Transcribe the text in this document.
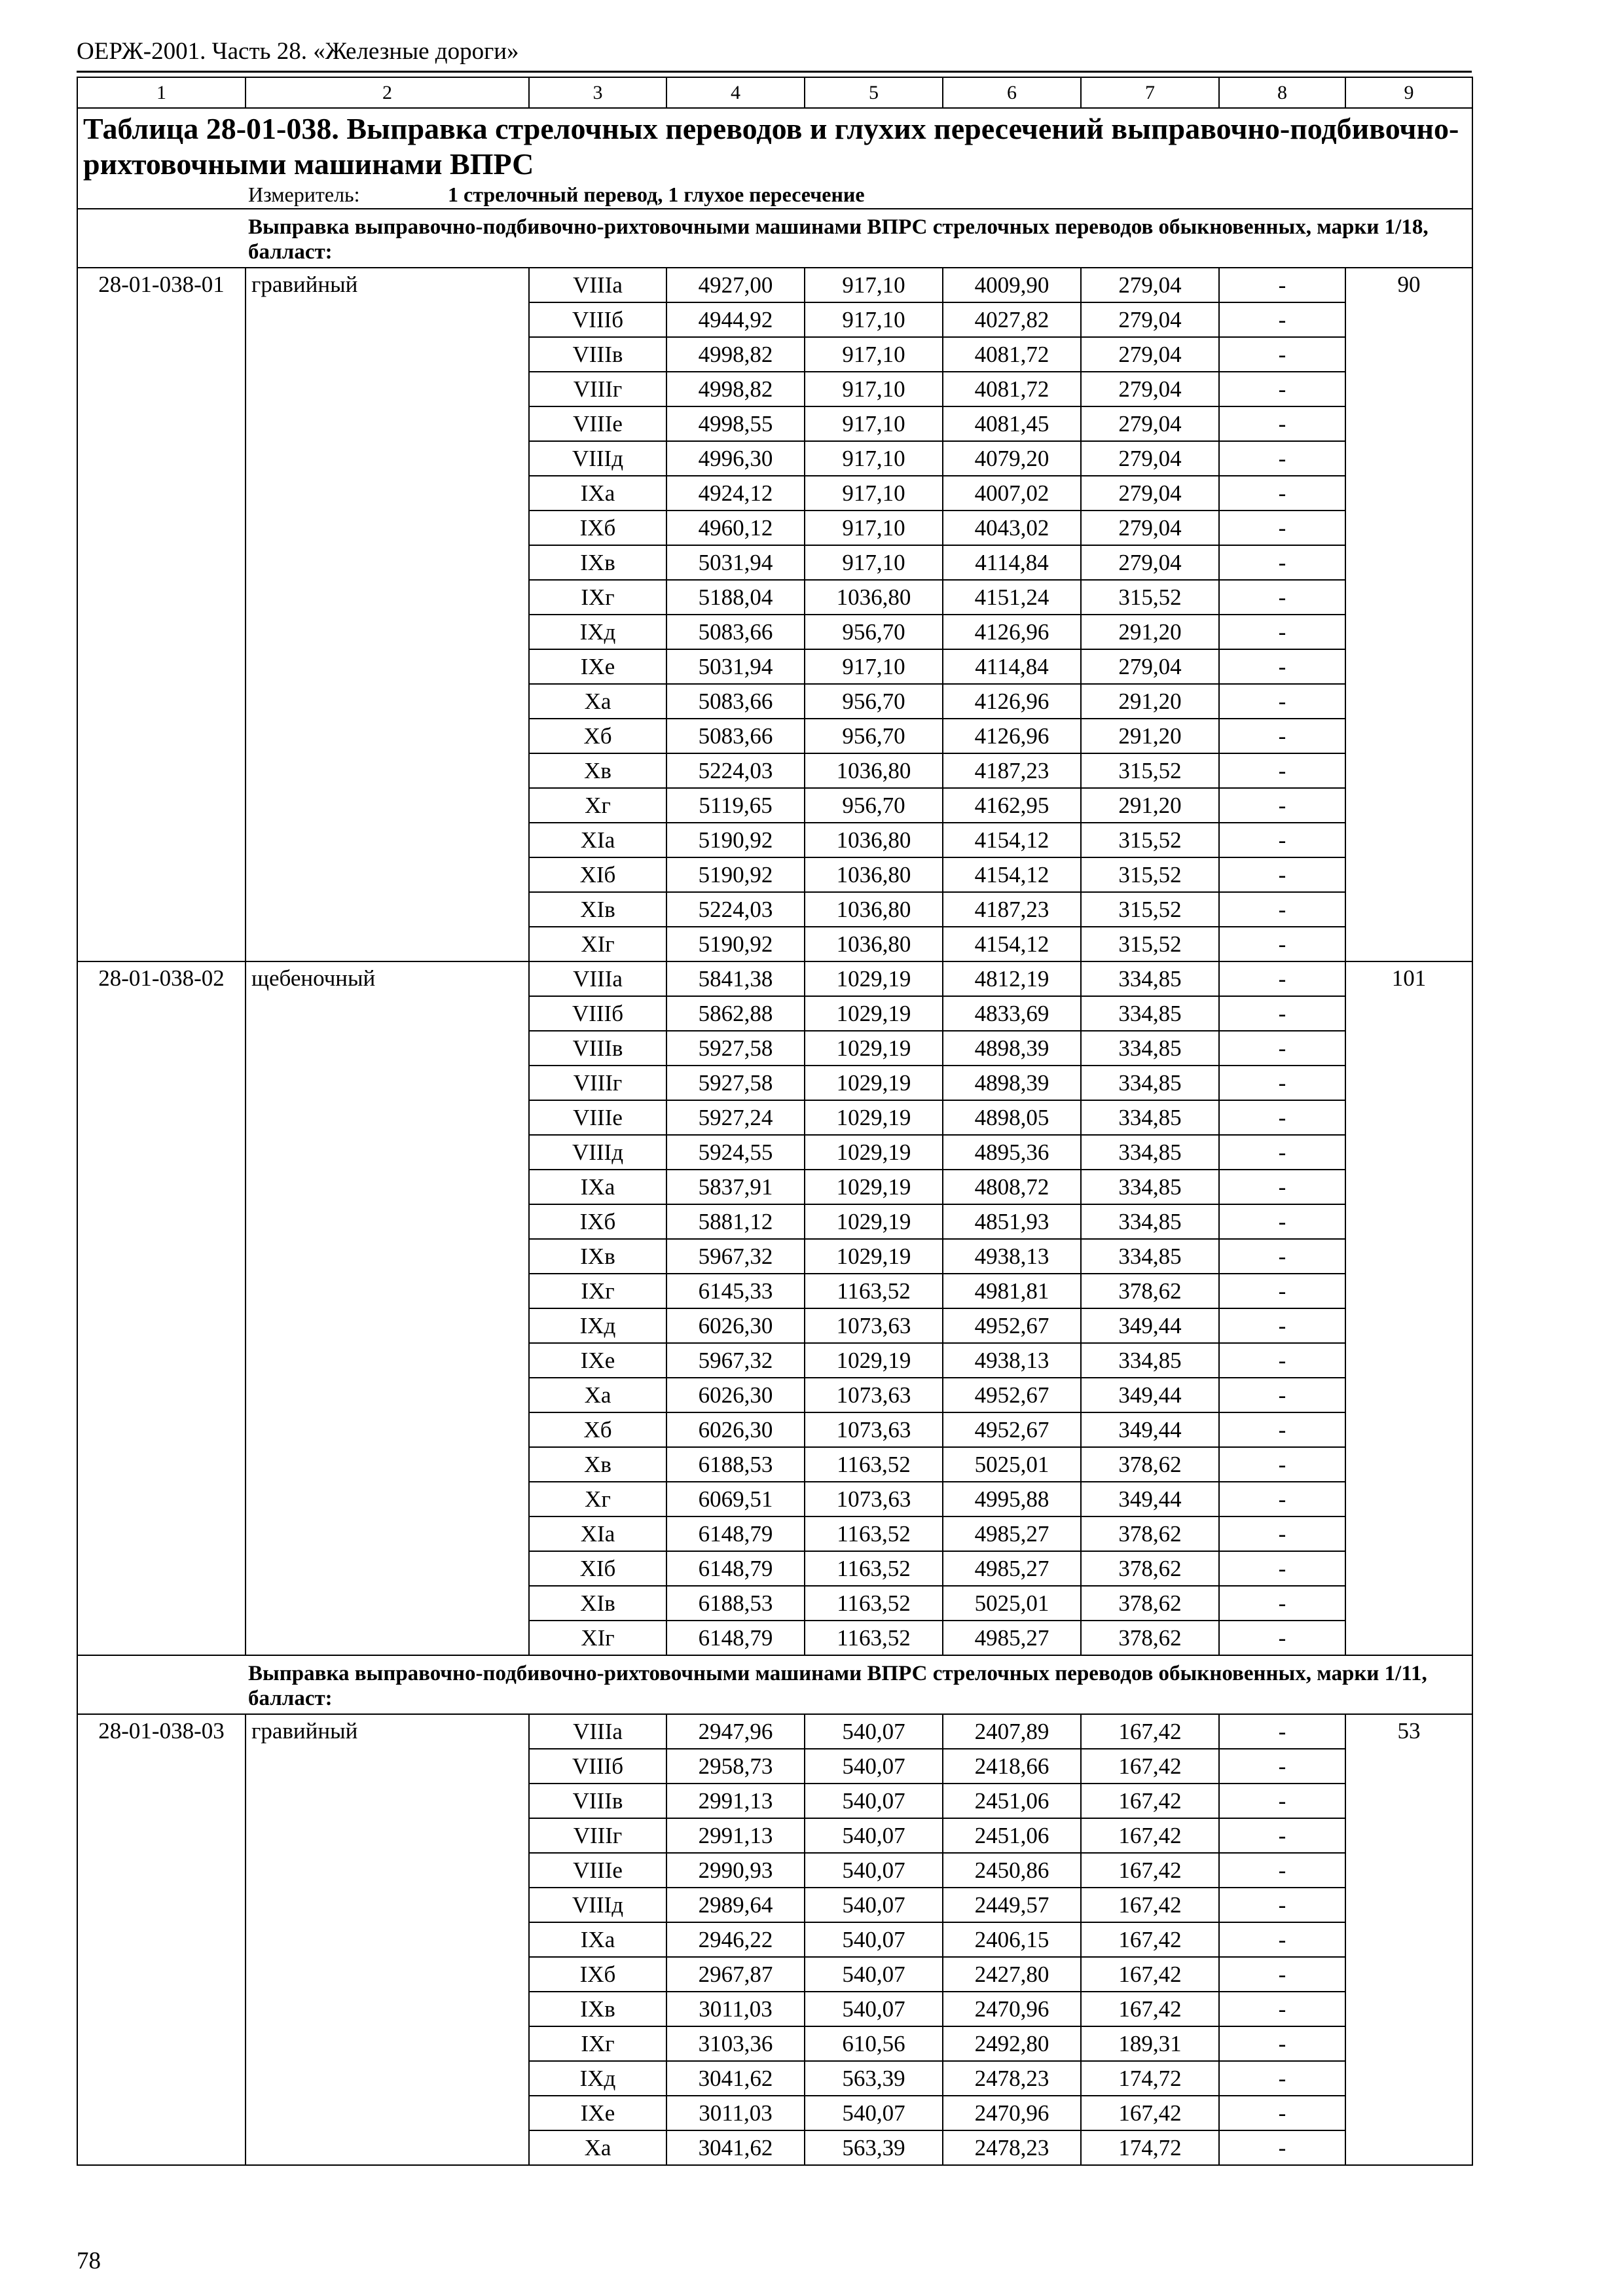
ОЕРЖ-2001. Часть 28. «Железные дороги»
1	2	3	4	5	6	7	8	9

Таблица 28-01-038. Выправка стрелочных переводов и глухих пересечений выправочно-подбивочно-рихтовочными машинами ВПРС
Измеритель: 1 стрелочный перевод, 1 глухое пересечение								

Выправка выправочно-подбивочно-рихтовочными машинами ВПРС стрелочных переводов обыкновенных, марки 1/18, балласт:								

28-01-038-01	гравийный	VIIIа	4927,00	917,10	4009,90	279,04	-	90
		VIIIб	4944,92	917,10	4027,82	279,04	-	
		VIIIв	4998,82	917,10	4081,72	279,04	-	
		VIIIг	4998,82	917,10	4081,72	279,04	-	
		VIIIе	4998,55	917,10	4081,45	279,04	-	
		VIIIд	4996,30	917,10	4079,20	279,04	-	
		IXа	4924,12	917,10	4007,02	279,04	-	
		IXб	4960,12	917,10	4043,02	279,04	-	
		IXв	5031,94	917,10	4114,84	279,04	-	
		IXг	5188,04	1036,80	4151,24	315,52	-	
		IXд	5083,66	956,70	4126,96	291,20	-	
		IXе	5031,94	917,10	4114,84	279,04	-	
		Xа	5083,66	956,70	4126,96	291,20	-	
		Xб	5083,66	956,70	4126,96	291,20	-	
		Xв	5224,03	1036,80	4187,23	315,52	-	
		Xг	5119,65	956,70	4162,95	291,20	-	
		XIа	5190,92	1036,80	4154,12	315,52	-	
		XIб	5190,92	1036,80	4154,12	315,52	-	
		XIв	5224,03	1036,80	4187,23	315,52	-	
		XIг	5190,92	1036,80	4154,12	315,52	-	
28-01-038-02	щебеночный	VIIIа	5841,38	1029,19	4812,19	334,85	-	101
		VIIIб	5862,88	1029,19	4833,69	334,85	-	
		VIIIв	5927,58	1029,19	4898,39	334,85	-	
		VIIIг	5927,58	1029,19	4898,39	334,85	-	
		VIIIе	5927,24	1029,19	4898,05	334,85	-	
		VIIIд	5924,55	1029,19	4895,36	334,85	-	
		IXа	5837,91	1029,19	4808,72	334,85	-	
		IXб	5881,12	1029,19	4851,93	334,85	-	
		IXв	5967,32	1029,19	4938,13	334,85	-	
		IXг	6145,33	1163,52	4981,81	378,62	-	
		IXд	6026,30	1073,63	4952,67	349,44	-	
		IXе	5967,32	1029,19	4938,13	334,85	-	
		Xа	6026,30	1073,63	4952,67	349,44	-	
		Xб	6026,30	1073,63	4952,67	349,44	-	
		Xв	6188,53	1163,52	5025,01	378,62	-	
		Xг	6069,51	1073,63	4995,88	349,44	-	
		XIа	6148,79	1163,52	4985,27	378,62	-	
		XIб	6148,79	1163,52	4985,27	378,62	-	
		XIв	6188,53	1163,52	5025,01	378,62	-	
		XIг	6148,79	1163,52	4985,27	378,62	-	

Выправка выправочно-подбивочно-рихтовочными машинами ВПРС стрелочных переводов обыкновенных, марки 1/11, балласт:								

28-01-038-03	гравийный	VIIIа	2947,96	540,07	2407,89	167,42	-	53
		VIIIб	2958,73	540,07	2418,66	167,42	-	
		VIIIв	2991,13	540,07	2451,06	167,42	-	
		VIIIг	2991,13	540,07	2451,06	167,42	-	
		VIIIе	2990,93	540,07	2450,86	167,42	-	
		VIIIд	2989,64	540,07	2449,57	167,42	-	
		IXа	2946,22	540,07	2406,15	167,42	-	
		IXб	2967,87	540,07	2427,80	167,42	-	
		IXв	3011,03	540,07	2470,96	167,42	-	
		IXг	3103,36	610,56	2492,80	189,31	-	
		IXд	3041,62	563,39	2478,23	174,72	-	
		IXе	3011,03	540,07	2470,96	167,42	-	
		Xа	3041,62	563,39	2478,23	174,72	-	
78
